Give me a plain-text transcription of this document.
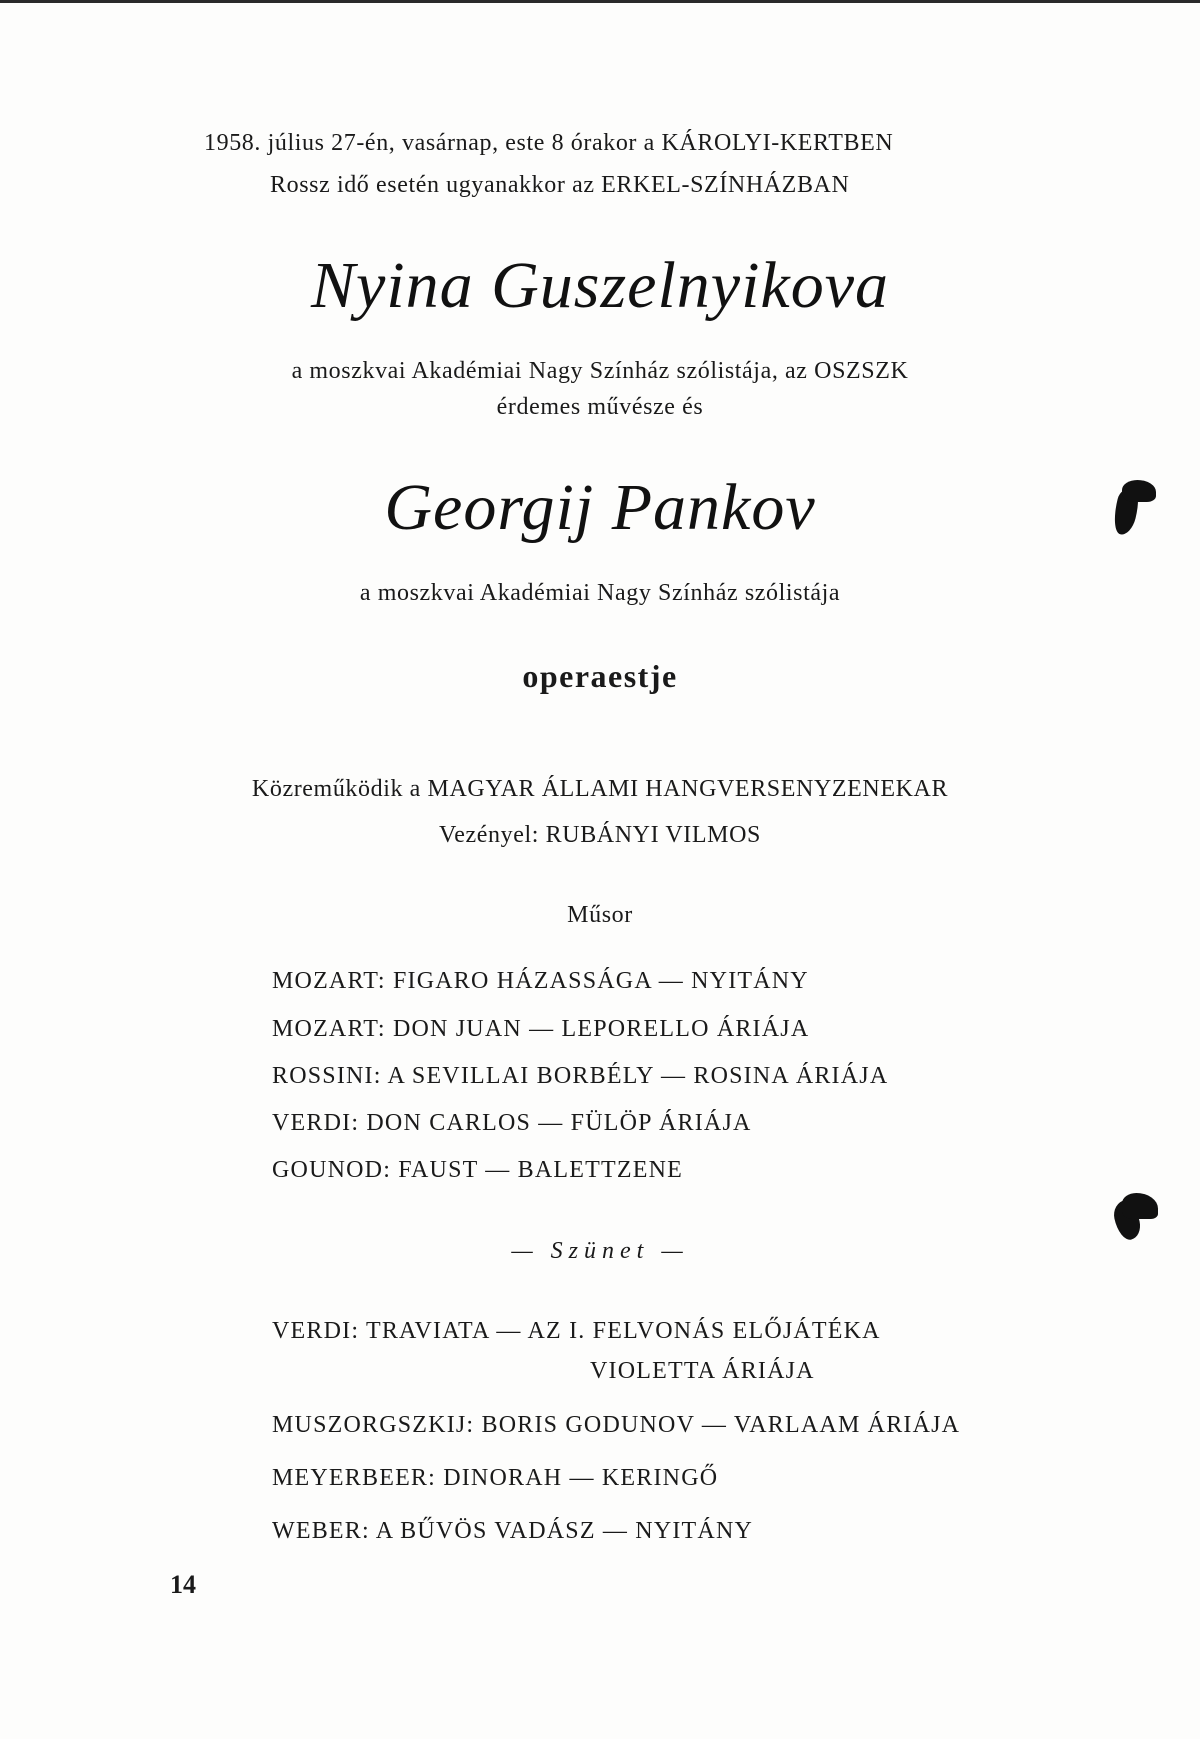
1958. július 27-én, vasárnap, este 8 órakor a KÁROLYI-KERTBEN
Rossz idő esetén ugyanakkor az ERKEL-SZÍNHÁZBAN
Nyina Guszelnyikova
a moszkvai Akadémiai Nagy Színház szólistája, az OSZSZK
érdemes művésze és
Georgij Pankov
a moszkvai Akadémiai Nagy Színház szólistája
operaestje
Közreműködik a MAGYAR ÁLLAMI HANGVERSENYZENEKAR
Vezényel: RUBÁNYI VILMOS
Műsor
MOZART: FIGARO HÁZASSÁGA — NYITÁNY
MOZART: DON JUAN — LEPORELLO ÁRIÁJA
ROSSINI: A SEVILLAI BORBÉLY — ROSINA ÁRIÁJA
VERDI: DON CARLOS — FÜLÖP ÁRIÁJA
GOUNOD: FAUST — BALETTZENE
— Szünet —
VERDI: TRAVIATA — AZ I. FELVONÁS ELŐJÁTÉKA
VIOLETTA ÁRIÁJA
MUSZORGSZKIJ: BORIS GODUNOV — VARLAAM ÁRIÁJA
MEYERBEER: DINORAH — KERINGŐ
WEBER: A BŰVÖS VADÁSZ — NYITÁNY
14
